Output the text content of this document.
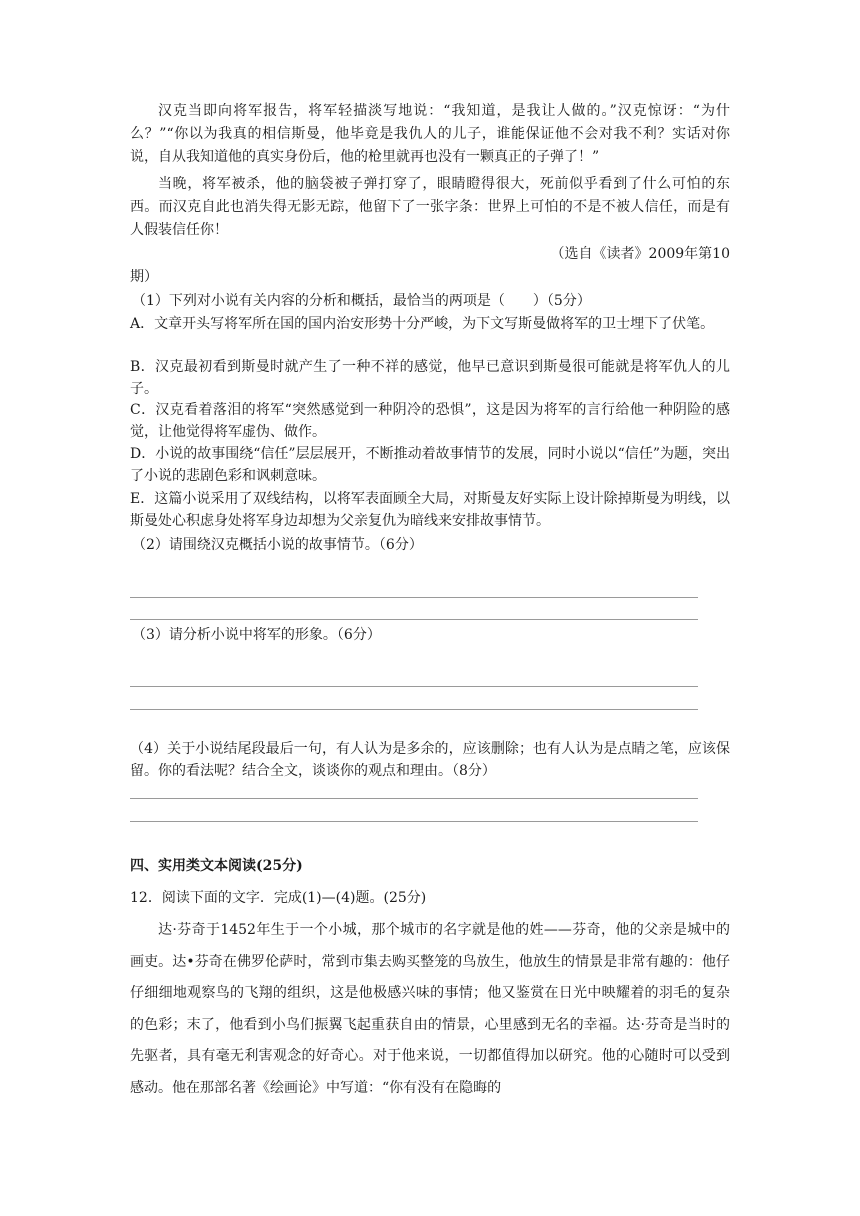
汉克当即向将军报告，将军轻描淡写地说：“我知道，是我让人做的。”汉克惊讶：“为什么？”“你以为我真的相信斯曼，他毕竟是我仇人的儿子，谁能保证他不会对我不利？实话对你说，自从我知道他的真实身份后，他的枪里就再也没有一颗真正的子弹了！”

当晚，将军被杀，他的脑袋被子弹打穿了，眼睛瞪得很大，死前似乎看到了什么可怕的东西。而汉克自此也消失得无影无踪，他留下了一张字条：世界上可怕的不是不被人信任，而是有人假装信任你！

（选自《读者》2009年第10
期）

（1）下列对小说有关内容的分析和概括，最恰当的两项是（　　）（5分）

A．文章开头写将军所在国的国内治安形势十分严峻，为下文写斯曼做将军的卫士埋下了伏笔。

B．汉克最初看到斯曼时就产生了一种不祥的感觉，他早已意识到斯曼很可能就是将军仇人的儿子。

C．汉克看着落泪的将军“突然感觉到一种阴冷的恐惧”，这是因为将军的言行给他一种阴险的感觉，让他觉得将军虚伪、做作。

D．小说的故事围绕“信任”层层展开，不断推动着故事情节的发展，同时小说以“信任”为题，突出了小说的悲剧色彩和讽刺意味。

E．这篇小说采用了双线结构，以将军表面顾全大局，对斯曼友好实际上设计除掉斯曼为明线，以斯曼处心积虑身处将军身边却想为父亲复仇为暗线来安排故事情节。

（2）请围绕汉克概括小说的故事情节。（6分）

（3）请分析小说中将军的形象。（6分）

（4）关于小说结尾段最后一句，有人认为是多余的，应该删除；也有人认为是点睛之笔，应该保留。你的看法呢？结合全文，谈谈你的观点和理由。（8分）

四、实用类文本阅读(25分)

12．阅读下面的文字．完成(1)—(4)题。(25分)

达·芬奇于1452年生于一个小城，那个城市的名字就是他的姓——芬奇，他的父亲是城中的画吏。达•芬奇在佛罗伦萨时，常到市集去购买整笼的鸟放生，他放生的情景是非常有趣的：他仔仔细细地观察鸟的飞翔的组织，这是他极感兴味的事情；他又鉴赏在日光中映耀着的羽毛的复杂的色彩；末了，他看到小鸟们振翼飞起重获自由的情景，心里感到无名的幸福。达·芬奇是当时的先驱者，具有毫无利害观念的好奇心。对于他来说，一切都值得加以研究。他的心随时可以受到感动。他在那部名著《绘画论》中写道：“你有没有在隐晦的
